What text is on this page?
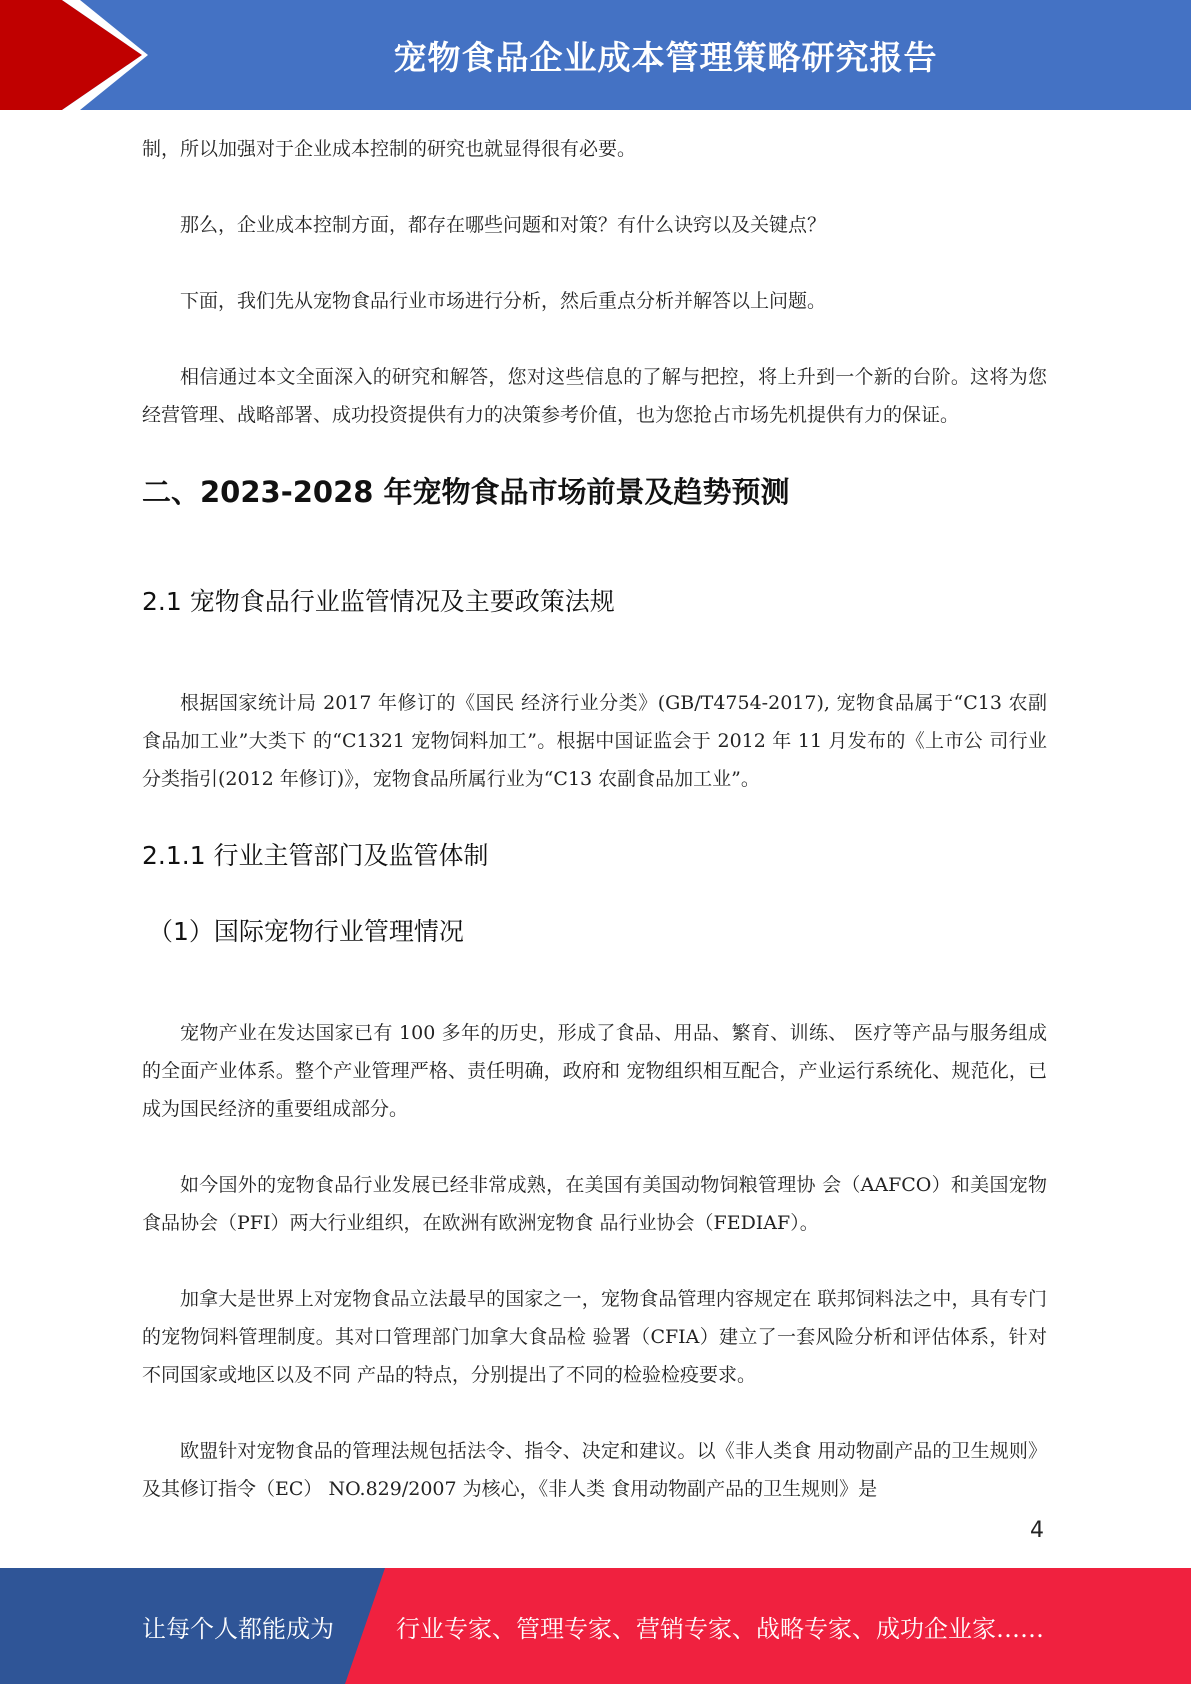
宠物食品企业成本管理策略研究报告

制，所以加强对于企业成本控制的研究也就显得很有必要。

那么，企业成本控制方面，都存在哪些问题和对策？有什么诀窍以及关键点？

下面，我们先从宠物食品行业市场进行分析，然后重点分析并解答以上问题。

相信通过本文全面深入的研究和解答，您对这些信息的了解与把控，将上升到一个新的台阶。这将为您经营管理、战略部署、成功投资提供有力的决策参考价值，也为您抢占市场先机提供有力的保证。

二、2023-2028 年宠物食品市场前景及趋势预测
2.1 宠物食品行业监管情况及主要政策法规

根据国家统计局 2017 年修订的《国民 经济行业分类》(GB/T4754-2017), 宠物食品属于“C13 农副食品加工业”大类下 的“C1321 宠物饲料加工”。根据中国证监会于 2012 年 11 月发布的《上市公 司行业分类指引(2012 年修订)》，宠物食品所属行业为“C13 农副食品加工业”。

2.1.1 行业主管部门及监管体制
（1）国际宠物行业管理情况

宠物产业在发达国家已有 100 多年的历史，形成了食品、用品、繁育、训练、 医疗等产品与服务组成的全面产业体系。整个产业管理严格、责任明确，政府和 宠物组织相互配合，产业运行系统化、规范化，已成为国民经济的重要组成部分。

如今国外的宠物食品行业发展已经非常成熟，在美国有美国动物饲粮管理协 会（AAFCO）和美国宠物食品协会（PFI）两大行业组织，在欧洲有欧洲宠物食 品行业协会（FEDIAF）。

加拿大是世界上对宠物食品立法最早的国家之一，宠物食品管理内容规定在 联邦饲料法之中，具有专门的宠物饲料管理制度。其对口管理部门加拿大食品检 验署（CFIA）建立了一套风险分析和评估体系，针对不同国家或地区以及不同 产品的特点，分别提出了不同的检验检疫要求。

欧盟针对宠物食品的管理法规包括法令、指令、决定和建议。以《非人类食 用动物副产品的卫生规则》及其修订指令（EC） NO.829/2007 为核心，《非人类 食用动物副产品的卫生规则》是

4
让每个人都能成为	行业专家、管理专家、营销专家、战略专家、成功企业家……
